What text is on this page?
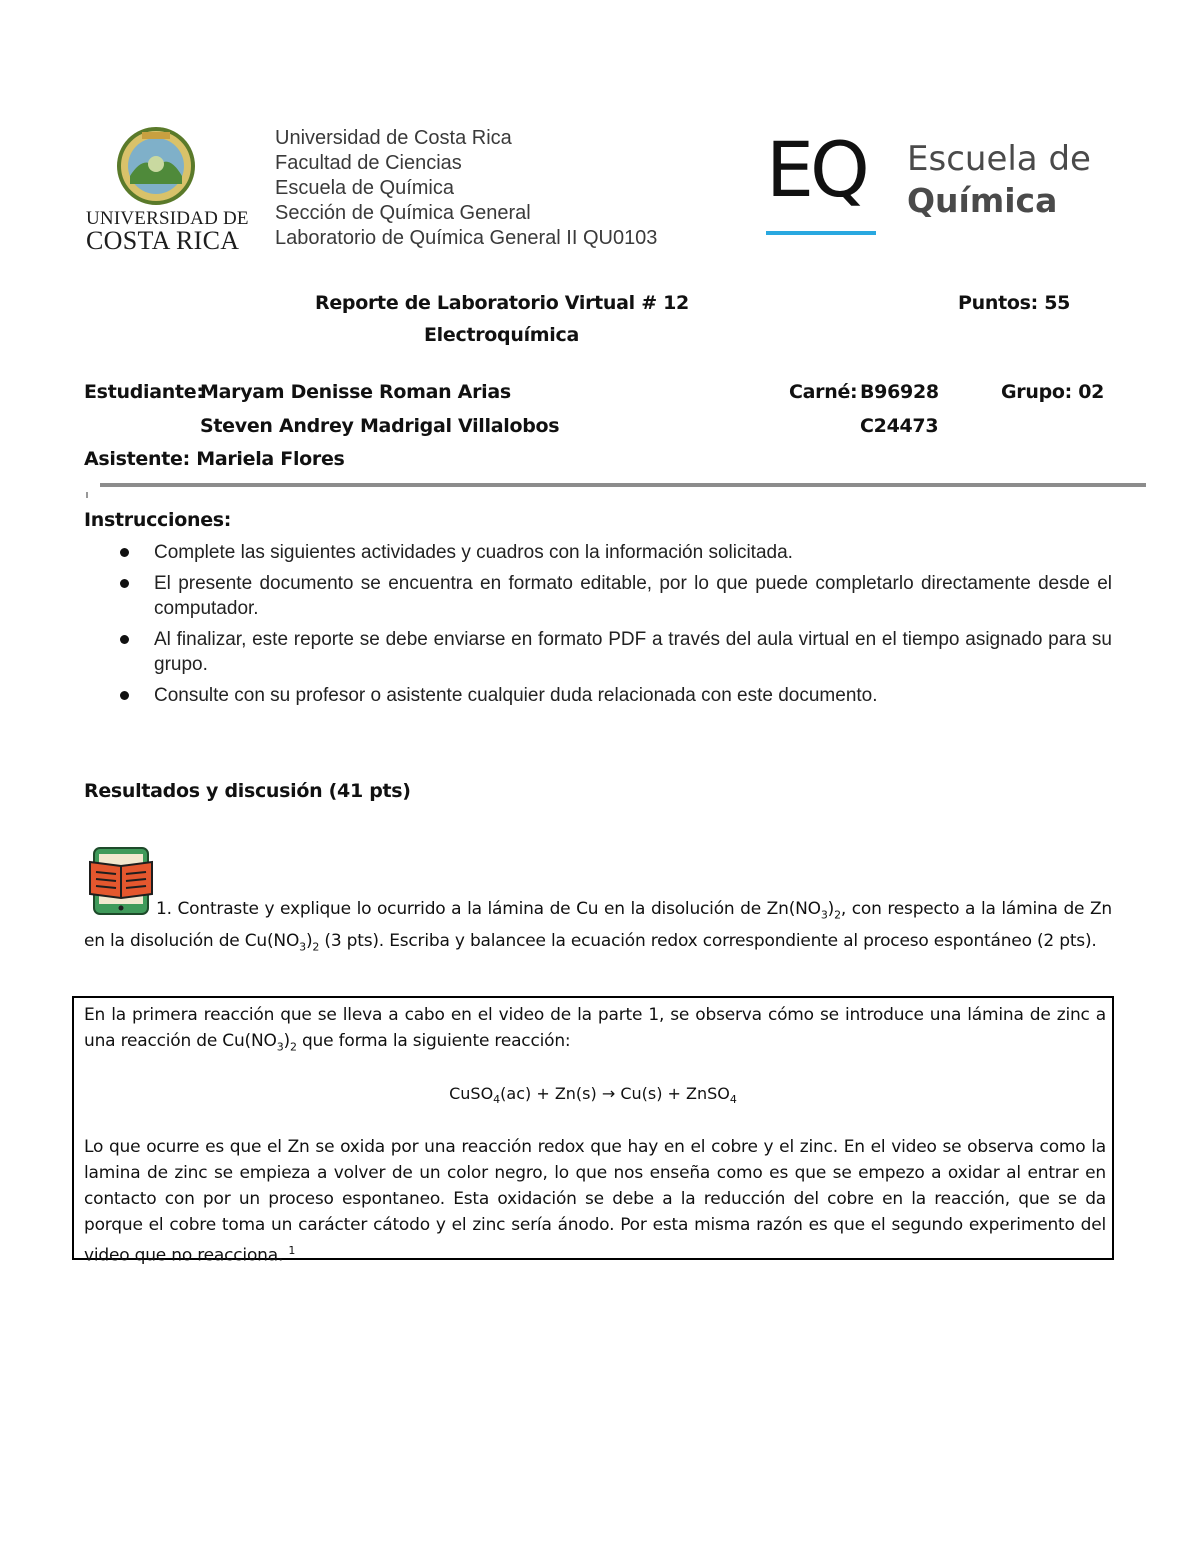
UNIVERSIDAD DE
COSTA RICA
Universidad de Costa Rica
Facultad de Ciencias
Escuela de Química
Sección de Química General
Laboratorio de Química General II QU0103
EQ Escuela de
Química
Reporte de Laboratorio Virtual # 12	Puntos: 55
Electroquímica
Estudiante:
Maryam Denisse Roman Arias	Carné: B96928	Grupo: 02
Steven Andrey Madrigal Villalobos	C24473
Asistente: Mariela Flores
Instrucciones:
Complete las siguientes actividades y cuadros con la información solicitada.
El presente documento se encuentra en formato editable, por lo que puede completarlo directamente desde el computador.
Al finalizar, este reporte se debe enviarse en formato PDF a través del aula virtual en el tiempo asignado para su grupo.
Consulte con su profesor o asistente cualquier duda relacionada con este documento.
Resultados y discusión (41 pts)
1. Contraste y explique lo ocurrido a la lámina de Cu en la disolución de $Zn(NO_3)_2$, con respecto a la lámina de Zn en la disolución de $Cu(NO_3)_2$ (3 pts). Escriba y balancee la ecuación redox correspondiente al proceso espontáneo (2 pts).
En la primera reacción que se lleva a cabo en el video de la parte 1, se observa cómo se introduce una lámina de zinc a una reacción de $Cu(NO_3)_2$ que forma la siguiente reacción:
CuSO$_4$(ac) + Zn(s) → Cu(s) + ZnSO$_4$
Lo que ocurre es que el Zn se oxida por una reacción redox que hay en el cobre y el zinc. En el video se observa como la lamina de zinc se empieza a volver de un color negro, lo que nos enseña como es que se empezo a oxidar al entrar en contacto con por un proceso espontaneo. Esta oxidación se debe a la reducción del cobre en la reacción, que se da porque el cobre toma un carácter cátodo y el zinc sería ánodo. Por esta misma razón es que el segundo experimento del video que no reacciona. $^1$
